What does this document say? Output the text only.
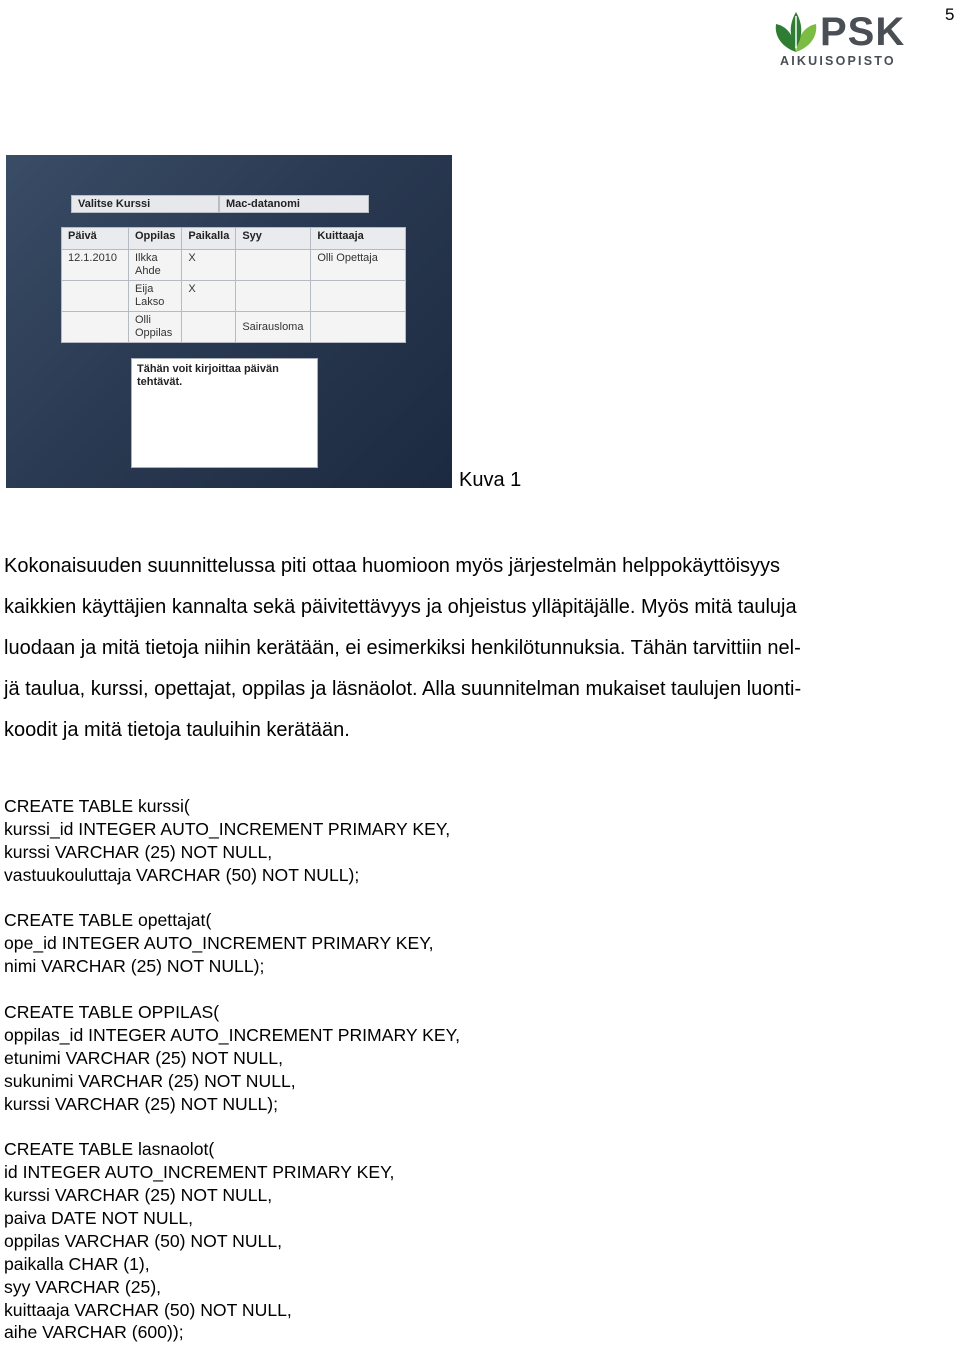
5
PSK
AIKUISOPISTO
Valitse Kurssi	Mac-datanomi
Päivä	Oppilas	Paikalla	Syy	Kuittaaja
12.1.2010	Ilkka Ahde	X		Olli Opettaja
	Eija Lakso	X		
	Olli Oppilas		Sairausloma	
Tähän voit kirjoittaa päivän tehtävät.
Kuva 1
Kokonaisuuden suunnittelussa piti ottaa huomioon myös järjestelmän helppokäyttöisyys
kaikkien käyttäjien kannalta sekä päivitettävyys ja ohjeistus ylläpitäjälle. Myös mitä tauluja
luodaan ja mitä tietoja niihin kerätään, ei esimerkiksi henkilötunnuksia. Tähän tarvittiin nel-
jä taulua, kurssi, opettajat, oppilas ja läsnäolot. Alla suunnitelman mukaiset taulujen luonti-
koodit ja mitä tietoja tauluihin kerätään.
CREATE TABLE kurssi(
kurssi_id INTEGER AUTO_INCREMENT PRIMARY KEY,
kurssi VARCHAR (25) NOT NULL,
vastuukouluttaja VARCHAR (50) NOT NULL);
CREATE TABLE opettajat(
ope_id INTEGER AUTO_INCREMENT PRIMARY KEY,
nimi VARCHAR (25) NOT NULL);
CREATE TABLE OPPILAS(
oppilas_id INTEGER AUTO_INCREMENT PRIMARY KEY,
etunimi VARCHAR (25) NOT NULL,
sukunimi VARCHAR (25) NOT NULL,
kurssi VARCHAR (25) NOT NULL);
CREATE TABLE lasnaolot(
id INTEGER AUTO_INCREMENT PRIMARY KEY,
kurssi VARCHAR (25) NOT NULL,
paiva DATE NOT NULL,
oppilas VARCHAR (50) NOT NULL,
paikalla CHAR (1),
syy VARCHAR (25),
kuittaaja VARCHAR (50) NOT NULL,
aihe VARCHAR (600));
